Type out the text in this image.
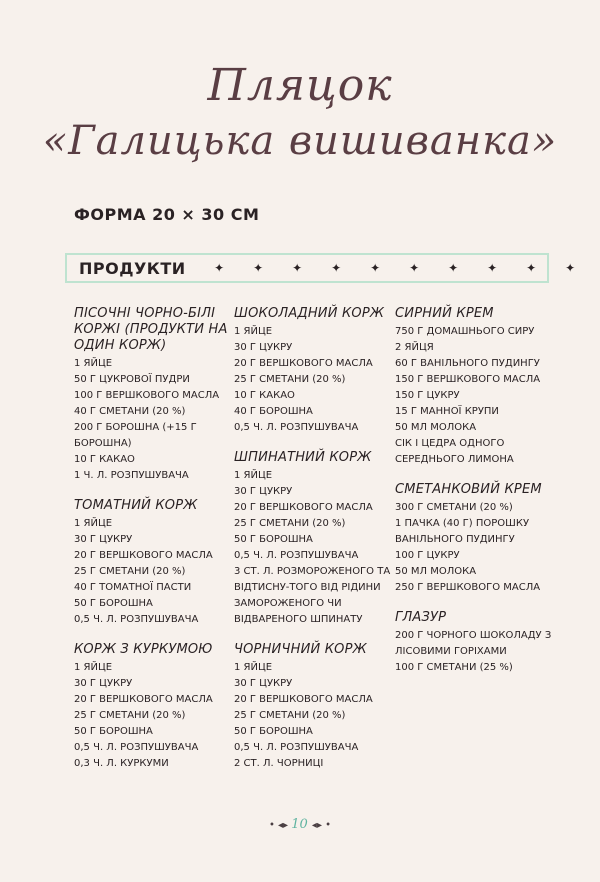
Пляцок
«Галицька вишиванка»
ФОРМА 20 × 30 СМ
ПРОДУКТИ	✦	✦	✦	✦	✦	✦	✦	✦	✦	✦
ПІСОЧНІ ЧОРНО-БІЛІ КОРЖІ (ПРОДУКТИ НА ОДИН КОРЖ)
1 ЯЙЦЕ
50 Г ЦУКРОВОЇ ПУДРИ
100 Г ВЕРШКОВОГО МАСЛА
40 Г СМЕТАНИ (20 %)
200 Г БОРОШНА (+15 Г БОРОШНА)
10 Г КАКАО
1 Ч. Л. РОЗПУШУВАЧА
ТОМАТНИЙ КОРЖ
1 ЯЙЦЕ
30 Г ЦУКРУ
20 Г ВЕРШКОВОГО МАСЛА
25 Г СМЕТАНИ (20 %)
40 Г ТОМАТНОЇ ПАСТИ
50 Г БОРОШНА
0,5 Ч. Л. РОЗПУШУВАЧА
КОРЖ З КУРКУМОЮ
1 ЯЙЦЕ
30 Г ЦУКРУ
20 Г ВЕРШКОВОГО МАСЛА
25 Г СМЕТАНИ (20 %)
50 Г БОРОШНА
0,5 Ч. Л. РОЗПУШУВАЧА
0,3 Ч. Л. КУРКУМИ
ШОКОЛАДНИЙ КОРЖ
1 ЯЙЦЕ
30 Г ЦУКРУ
20 Г ВЕРШКОВОГО МАСЛА
25 Г СМЕТАНИ (20 %)
10 Г КАКАО
40 Г БОРОШНА
0,5 Ч. Л. РОЗПУШУВАЧА
ШПИНАТНИЙ КОРЖ
1 ЯЙЦЕ
30 Г ЦУКРУ
20 Г ВЕРШКОВОГО МАСЛА
25 Г СМЕТАНИ (20 %)
50 Г БОРОШНА
0,5 Ч. Л. РОЗПУШУВАЧА
3 СТ. Л. РОЗМОРОЖЕНОГО ТА ВІДТИСНУ-ТОГО ВІД РІДИНИ ЗАМОРОЖЕНОГО ЧИ ВІДВАРЕНОГО ШПИНАТУ
ЧОРНИЧНИЙ КОРЖ
1 ЯЙЦЕ
30 Г ЦУКРУ
20 Г ВЕРШКОВОГО МАСЛА
25 Г СМЕТАНИ (20 %)
50 Г БОРОШНА
0,5 Ч. Л. РОЗПУШУВАЧА
2 СТ. Л. ЧОРНИЦІ
СИРНИЙ КРЕМ
750 Г ДОМАШНЬОГО СИРУ
2 ЯЙЦЯ
60 Г ВАНІЛЬНОГО ПУДИНГУ
150 Г ВЕРШКОВОГО МАСЛА
150 Г ЦУКРУ
15 Г МАННОЇ КРУПИ
50 МЛ МОЛОКА
СІК І ЦЕДРА ОДНОГО СЕРЕДНЬОГО ЛИМОНА
СМЕТАНКОВИЙ КРЕМ
300 Г СМЕТАНИ (20 %)
1 ПАЧКА (40 Г) ПОРОШКУ ВАНІЛЬНОГО ПУДИНГУ
100 Г ЦУКРУ
50 МЛ МОЛОКА
250 Г ВЕРШКОВОГО МАСЛА
ГЛАЗУР
200 Г ЧОРНОГО ШОКОЛАДУ З ЛІСОВИМИ ГОРІХАМИ
100 Г СМЕТАНИ (25 %)
• ◂▸ 10 ◂▸ •
